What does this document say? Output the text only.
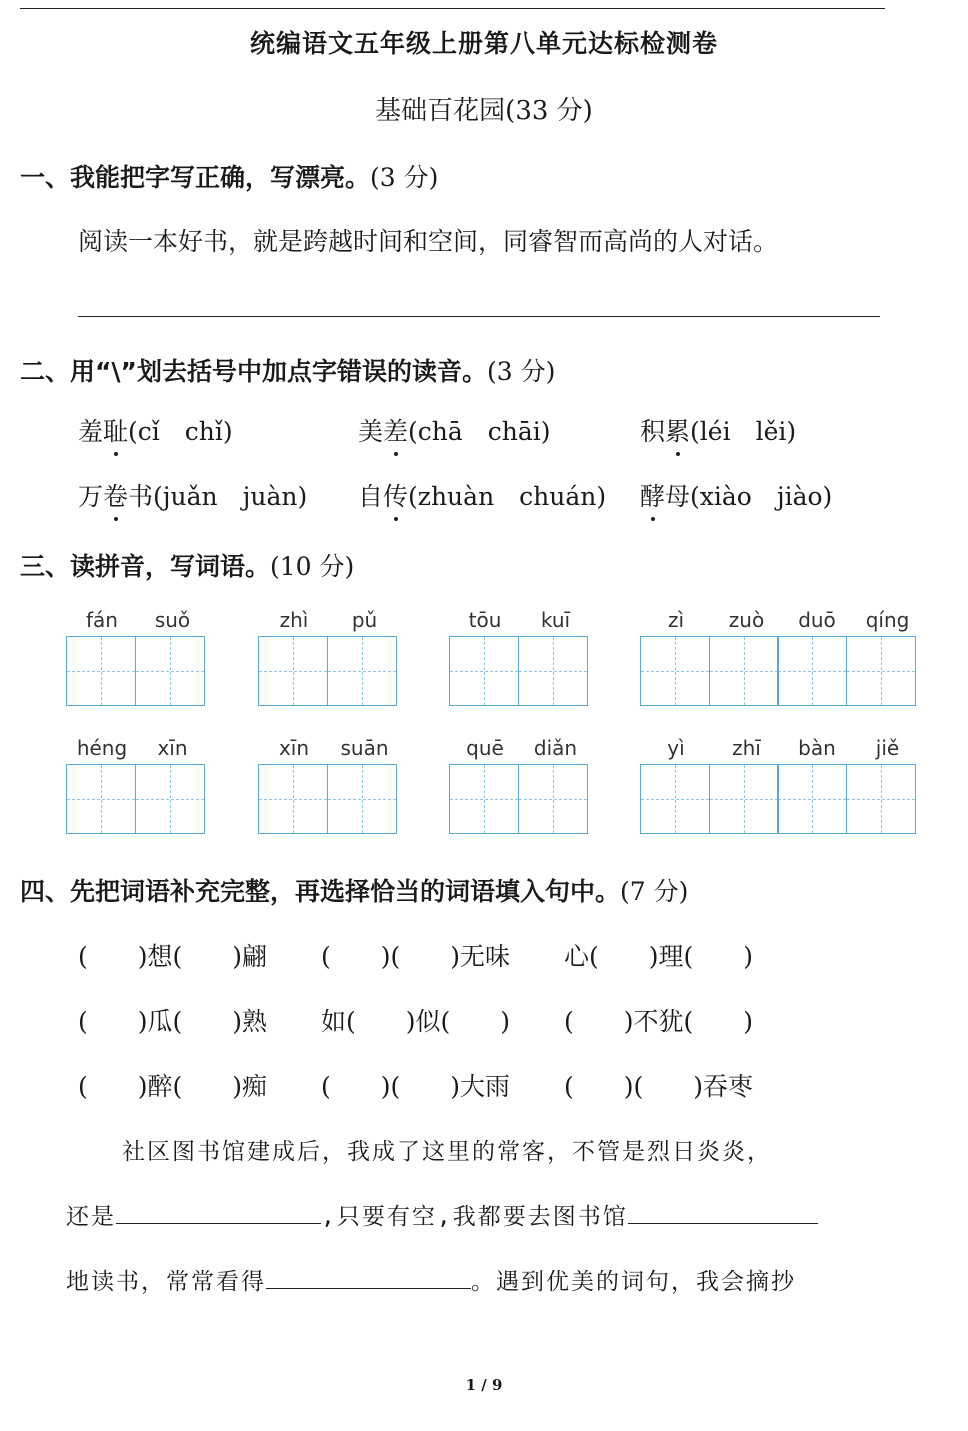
统编语文五年级上册第八单元达标检测卷
基础百花园(33 分)
一、我能把字写正确，写漂亮。(3 分)
阅读一本好书，就是跨越时间和空间，同睿智而高尚的人对话。
二、用“\”划去括号中加点字错误的读音。(3 分)
羞耻(cǐ　chǐ)	美差(chā　chāi)	积累(léi　lěi)
万卷书(juǎn　juàn) 自传(zhuàn　chuán) 酵母(xiào　jiào)
三、读拼音，写词语。(10 分)
fán	suǒ	zhì	pǔ	tōu	kuī	zì	zuò	duō	qíng
héng	xīn	xīn	suān	quē	diǎn	yì	zhī	bàn	jiě
四、先把词语补充完整，再选择恰当的词语填入句中。(7 分)
(　　)想(　　)翩 (　　)(　　)无味 心(　　)理(　　)
(　　)瓜(　　)熟 如(　　)似(　　) (　　)不犹(　　)
(　　)醉(　　)痴 (　　)(　　)大雨 (　　)(　　)吞枣
社区图书馆建成后，我成了这里的常客，不管是烈日炎炎，
还是	,只要有空,我都要去图书馆
地读书，常常看得	。遇到优美的词句，我会摘抄
1 / 9
